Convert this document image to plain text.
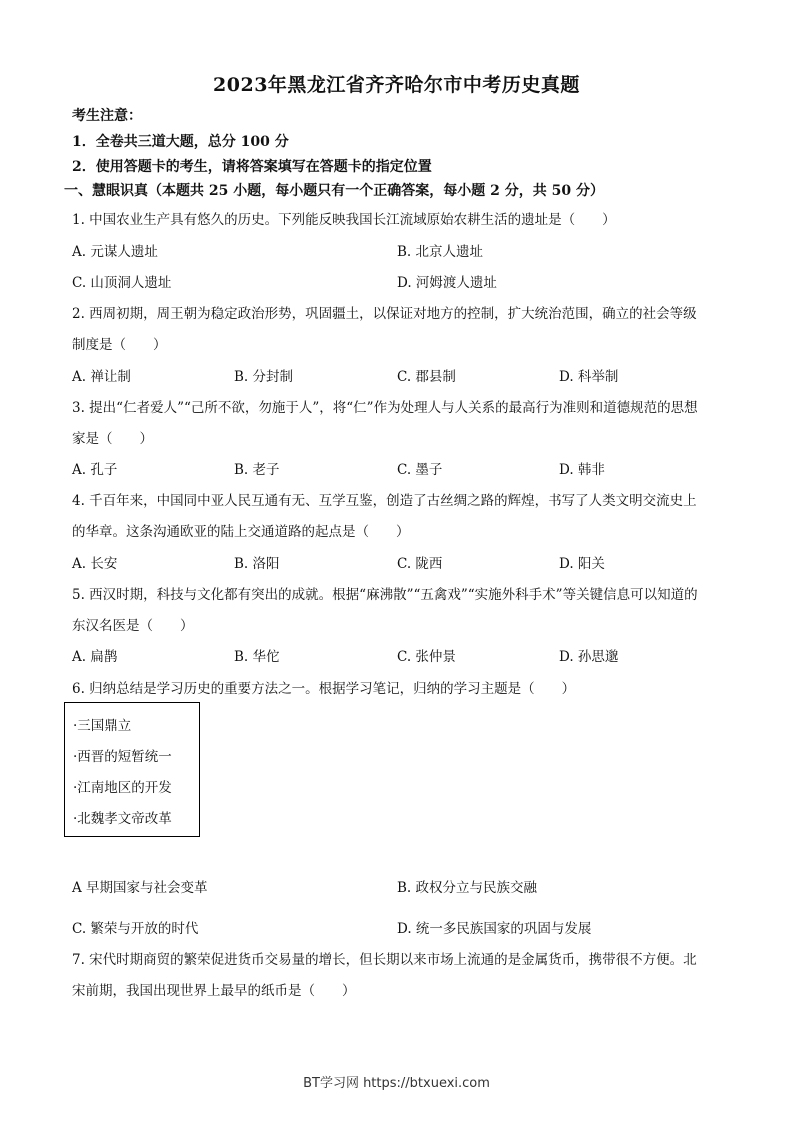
2023年黑龙江省齐齐哈尔市中考历史真题
考生注意：
1．全卷共三道大题，总分 100 分
2．使用答题卡的考生，请将答案填写在答题卡的指定位置
一、慧眼识真（本题共 25 小题，每小题只有一个正确答案，每小题 2 分，共 50 分）
1. 中国农业生产具有悠久的历史。下列能反映我国长江流域原始农耕生活的遗址是（　　）
A. 元谋人遗址	B. 北京人遗址
C. 山顶洞人遗址	D. 河姆渡人遗址
2. 西周初期，周王朝为稳定政治形势，巩固疆土，以保证对地方的控制，扩大统治范围，确立的社会等级
制度是（　　）
A. 禅让制	B. 分封制	C. 郡县制	D. 科举制
3. 提出“仁者爱人”“己所不欲，勿施于人”，将“仁”作为处理人与人关系的最高行为准则和道德规范的思想
家是（　　）
A. 孔子	B. 老子	C. 墨子	D. 韩非
4. 千百年来，中国同中亚人民互通有无、互学互鉴，创造了古丝绸之路的辉煌，书写了人类文明交流史上
的华章。这条沟通欧亚的陆上交通道路的起点是（　　）
A. 长安	B. 洛阳	C. 陇西	D. 阳关
5. 西汉时期，科技与文化都有突出的成就。根据“麻沸散”“五禽戏”“实施外科手术”等关键信息可以知道的
东汉名医是（　　）
A. 扁鹊	B. 华佗	C. 张仲景	D. 孙思邈
6. 归纳总结是学习历史的重要方法之一。根据学习笔记，归纳的学习主题是（　　）
·三国鼎立
·西晋的短暂统一
·江南地区的开发
·北魏孝文帝改革
A 早期国家与社会变革	B. 政权分立与民族交融
C. 繁荣与开放的时代	D. 统一多民族国家的巩固与发展
7. 宋代时期商贸的繁荣促进货币交易量的增长，但长期以来市场上流通的是金属货币，携带很不方便。北
宋前期，我国出现世界上最早的纸币是（　　）
BT学习网 https://btxuexi.com
